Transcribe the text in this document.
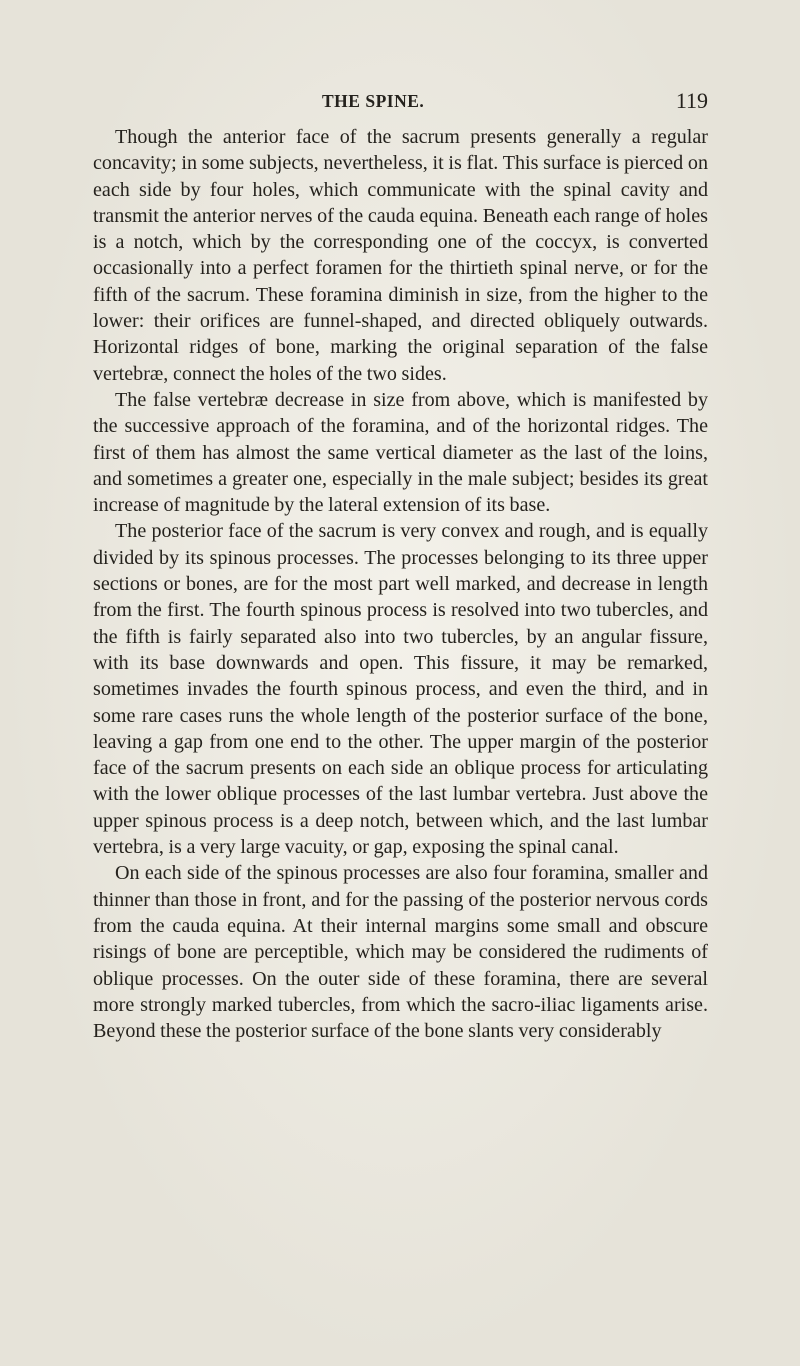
THE SPINE.	119

Though the anterior face of the sacrum presents generally a regular concavity; in some subjects, nevertheless, it is flat. This surface is pierced on each side by four holes, which communicate with the spinal cavity and transmit the anterior nerves of the cauda equina. Beneath each range of holes is a notch, which by the corresponding one of the coccyx, is converted occasionally into a perfect foramen for the thirtieth spinal nerve, or for the fifth of the sacrum. These foramina diminish in size, from the higher to the lower: their orifices are funnel-shaped, and directed obliquely outwards. Horizontal ridges of bone, marking the original separation of the false vertebræ, connect the holes of the two sides.

The false vertebræ decrease in size from above, which is manifested by the successive approach of the foramina, and of the horizontal ridges. The first of them has almost the same vertical diameter as the last of the loins, and sometimes a greater one, especially in the male subject; besides its great increase of magnitude by the lateral extension of its base.

The posterior face of the sacrum is very convex and rough, and is equally divided by its spinous processes. The processes belonging to its three upper sections or bones, are for the most part well marked, and decrease in length from the first. The fourth spinous process is resolved into two tubercles, and the fifth is fairly separated also into two tubercles, by an angular fissure, with its base downwards and open. This fissure, it may be remarked, sometimes invades the fourth spinous process, and even the third, and in some rare cases runs the whole length of the posterior surface of the bone, leaving a gap from one end to the other. The upper margin of the posterior face of the sacrum presents on each side an oblique process for articulating with the lower oblique processes of the last lumbar vertebra. Just above the upper spinous process is a deep notch, between which, and the last lumbar vertebra, is a very large vacuity, or gap, exposing the spinal canal.

On each side of the spinous processes are also four foramina, smaller and thinner than those in front, and for the passing of the posterior nervous cords from the cauda equina. At their internal margins some small and obscure risings of bone are perceptible, which may be considered the rudiments of oblique processes. On the outer side of these foramina, there are several more strongly marked tubercles, from which the sacro-iliac ligaments arise. Beyond these the posterior surface of the bone slants very considerably
